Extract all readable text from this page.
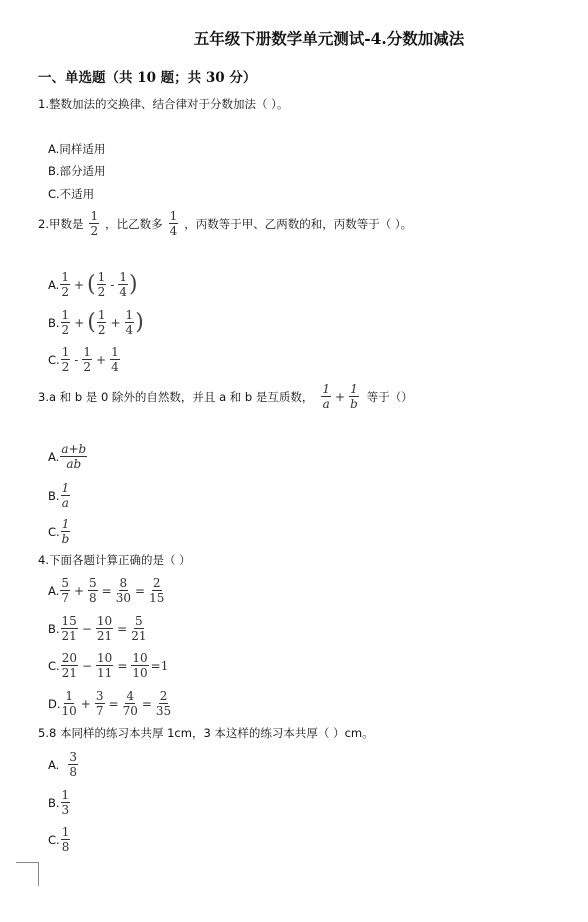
五年级下册数学单元测试-4.分数加减法
一、单选题（共 10 题；共 30 分）
1.整数加法的交换律、结合律对于分数加法（ ）。
A.同样适用
B.部分适用
C.不适用
2.甲数是 $\frac{1}{2}$ ，比乙数多 $\frac{1}{4}$ ，丙数等于甲、乙两数的和，丙数等于（ ）。
A. $\frac{1}{2}$ + ( $\frac{1}{2} - \frac{1}{4}$ )
B. $\frac{1}{2}$ + ( $\frac{1}{2} + \frac{1}{4}$ )
C. $\frac{1}{2} - \frac{1}{2} + \frac{1}{4}$
3.a 和 b 是 0 除外的自然数，并且 a 和 b 是互质数， $\frac{1}{a} + \frac{1}{b}$ 等于（）
A. $\frac{a+b}{ab}$
B. $\frac{1}{a}$
C. $\frac{1}{b}$
4.下面各题计算正确的是（ ）
A. $\frac{5}{7} + \frac{5}{8} = \frac{8}{30} = \frac{2}{15}$
B. $\frac{15}{21} - \frac{10}{21} = \frac{5}{21}$
C. $\frac{20}{21} - \frac{10}{11} = \frac{10}{10} =1$
D. $\frac{1}{10} + \frac{3}{7} = \frac{4}{70} = \frac{2}{35}$
5.8 本同样的练习本共厚 1cm，3 本这样的练习本共厚（ ）cm。
A. $\frac{3}{8}$
B. $\frac{1}{3}$
C. $\frac{1}{8}$
